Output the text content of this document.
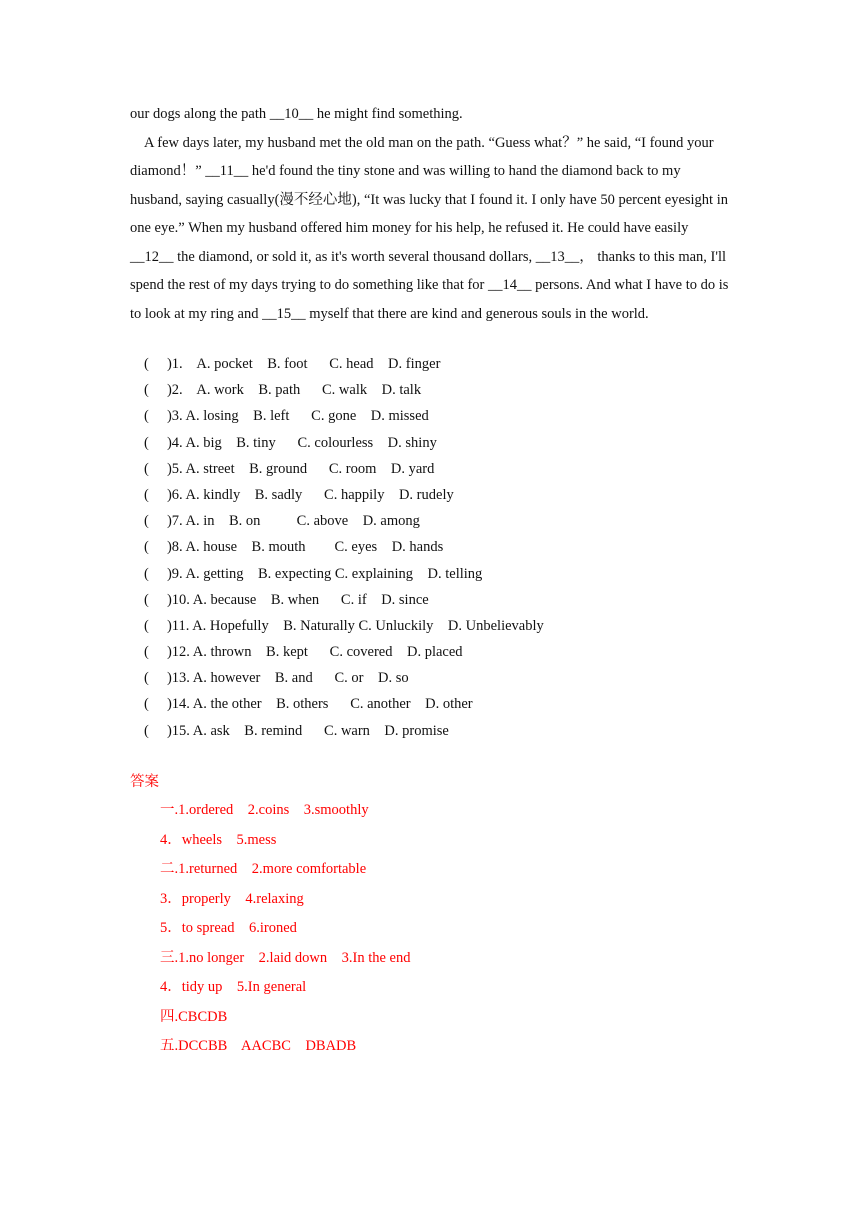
our dogs along the path __10__ he might find something.

A few days later, my husband met the old man on the path. “Guess what？” he said, “I found your diamond！” __11__ he'd found the tiny stone and was willing to hand the diamond back to my husband, saying casually(漫不经心地), “It was lucky that I found it. I only have 50 percent eyesight in one eye.” When my husband offered him money for his help, he refused it. He could have easily __12__ the diamond, or sold it, as it's worth several thousand dollars, __13__， thanks to this man, I'll spend the rest of my days trying to do something like that for __14__ persons. And what I have to do is to look at my ring and __15__ myself that there are kind and generous souls in the world.

(     )1.    A. pocket    B. foot      C. head    D. finger
(     )2.    A. work    B. path      C. walk    D. talk
(     )3. A. losing    B. left      C. gone    D. missed
(     )4. A. big    B. tiny      C. colourless    D. shiny
(     )5. A. street    B. ground      C. room    D. yard
(     )6. A. kindly    B. sadly      C. happily    D. rudely
(     )7. A. in    B. on          C. above    D. among
(     )8. A. house    B. mouth        C. eyes    D. hands
(     )9. A. getting    B. expecting C. explaining    D. telling
(     )10. A. because    B. when      C. if    D. since
(     )11. A. Hopefully    B. Naturally C. Unluckily    D. Unbelievably
(     )12. A. thrown    B. kept      C. covered    D. placed
(     )13. A. however    B. and      C. or    D. so
(     )14. A. the other    B. others      C. another    D. other
(     )15. A. ask    B. remind      C. warn    D. promise
答案
一.1.ordered    2.coins    3.smoothly
4．wheels    5.mess
二.1.returned    2.more comfortable
3．properly    4.relaxing
5．to spread    6.ironed
三.1.no longer    2.laid down    3.In the end
4．tidy up    5.In general
四.CBCDB
五.DCCBB    AACBC    DBADB
